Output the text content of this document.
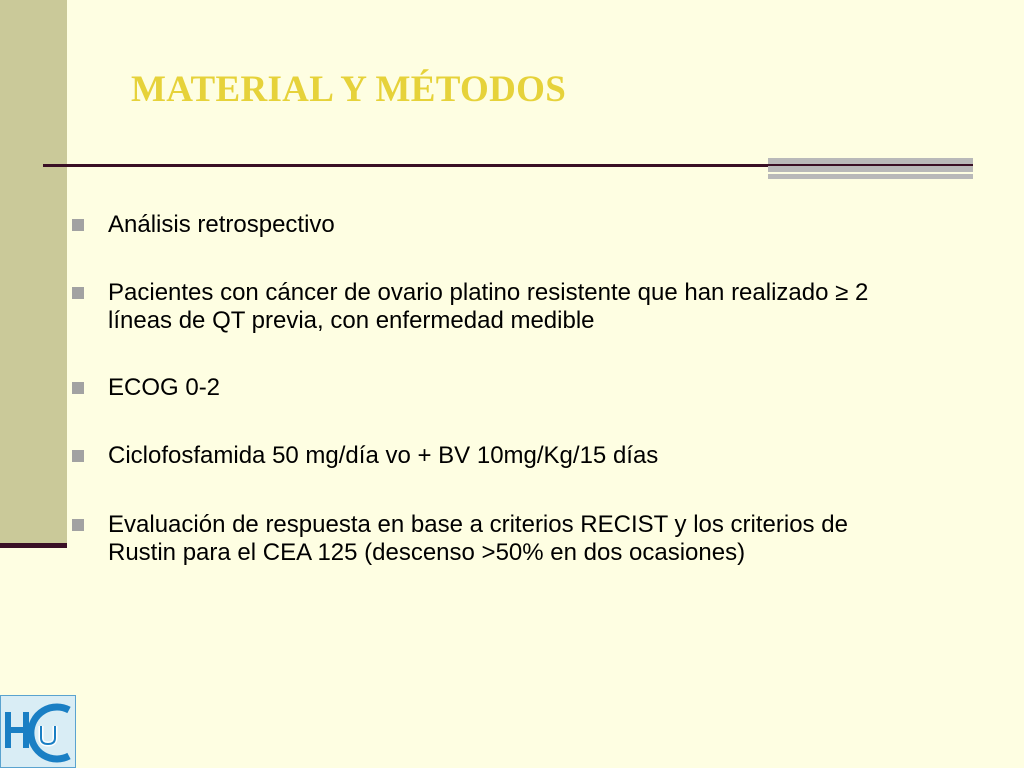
MATERIAL Y MÉTODOS
Análisis retrospectivo
Pacientes con cáncer de ovario platino resistente que han realizado ≥ 2 líneas de QT previa, con enfermedad medible
ECOG 0-2
Ciclofosfamida 50 mg/día vo + BV 10mg/Kg/15 días
Evaluación de respuesta en base a criterios RECIST y los criterios de Rustin para el CEA 125 (descenso >50% en dos ocasiones)
